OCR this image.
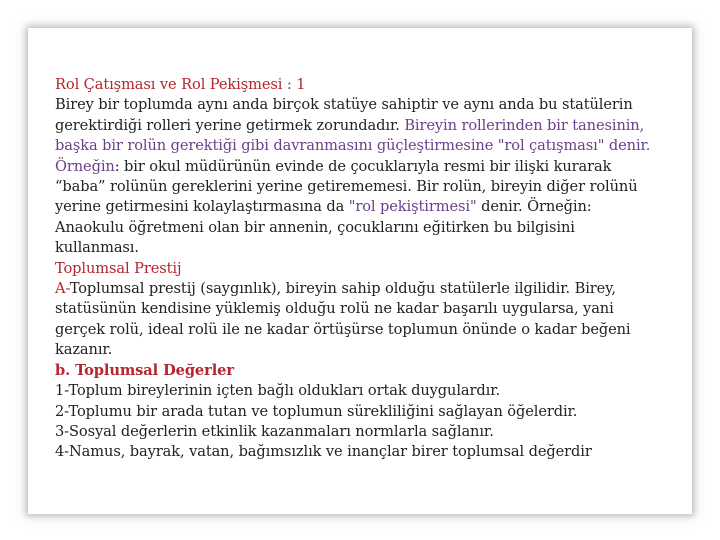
Rol Çatışması ve Rol Pekişmesi : 1
Birey bir toplumda aynı anda birçok statüye sahiptir ve aynı anda bu statülerin
gerektirdiği rolleri yerine getirmek zorundadır. Bireyin rollerinden bir tanesinin,
başka bir rolün gerektiği gibi davranmasını güçleştirmesine "rol çatışması" denir.
Örneğin: bir okul müdürünün evinde de çocuklarıyla resmi bir ilişki kurarak
“baba” rolünün gereklerini yerine getirememesi. Bir rolün, bireyin diğer rolünü
yerine getirmesini kolaylaştırmasına da "rol pekiştirmesi" denir. Örneğin:
Anaokulu öğretmeni olan bir annenin, çocuklarını eğitirken bu bilgisini
kullanması.
Toplumsal Prestij
A-Toplumsal prestij (saygınlık), bireyin sahip olduğu statülerle ilgilidir. Birey,
statüsünün kendisine yüklemiş olduğu rolü ne kadar başarılı uygularsa, yani
gerçek rolü, ideal rolü ile ne kadar örtüşürse toplumun önünde o kadar beğeni
kazanır.
b. Toplumsal Değerler
1-Toplum bireylerinin içten bağlı oldukları ortak duygulardır.
2-Toplumu bir arada tutan ve toplumun sürekliliğini sağlayan öğelerdir.
3-Sosyal değerlerin etkinlik kazanmaları normlarla sağlanır.
4-Namus, bayrak, vatan, bağımsızlık ve inançlar birer toplumsal değerdir
